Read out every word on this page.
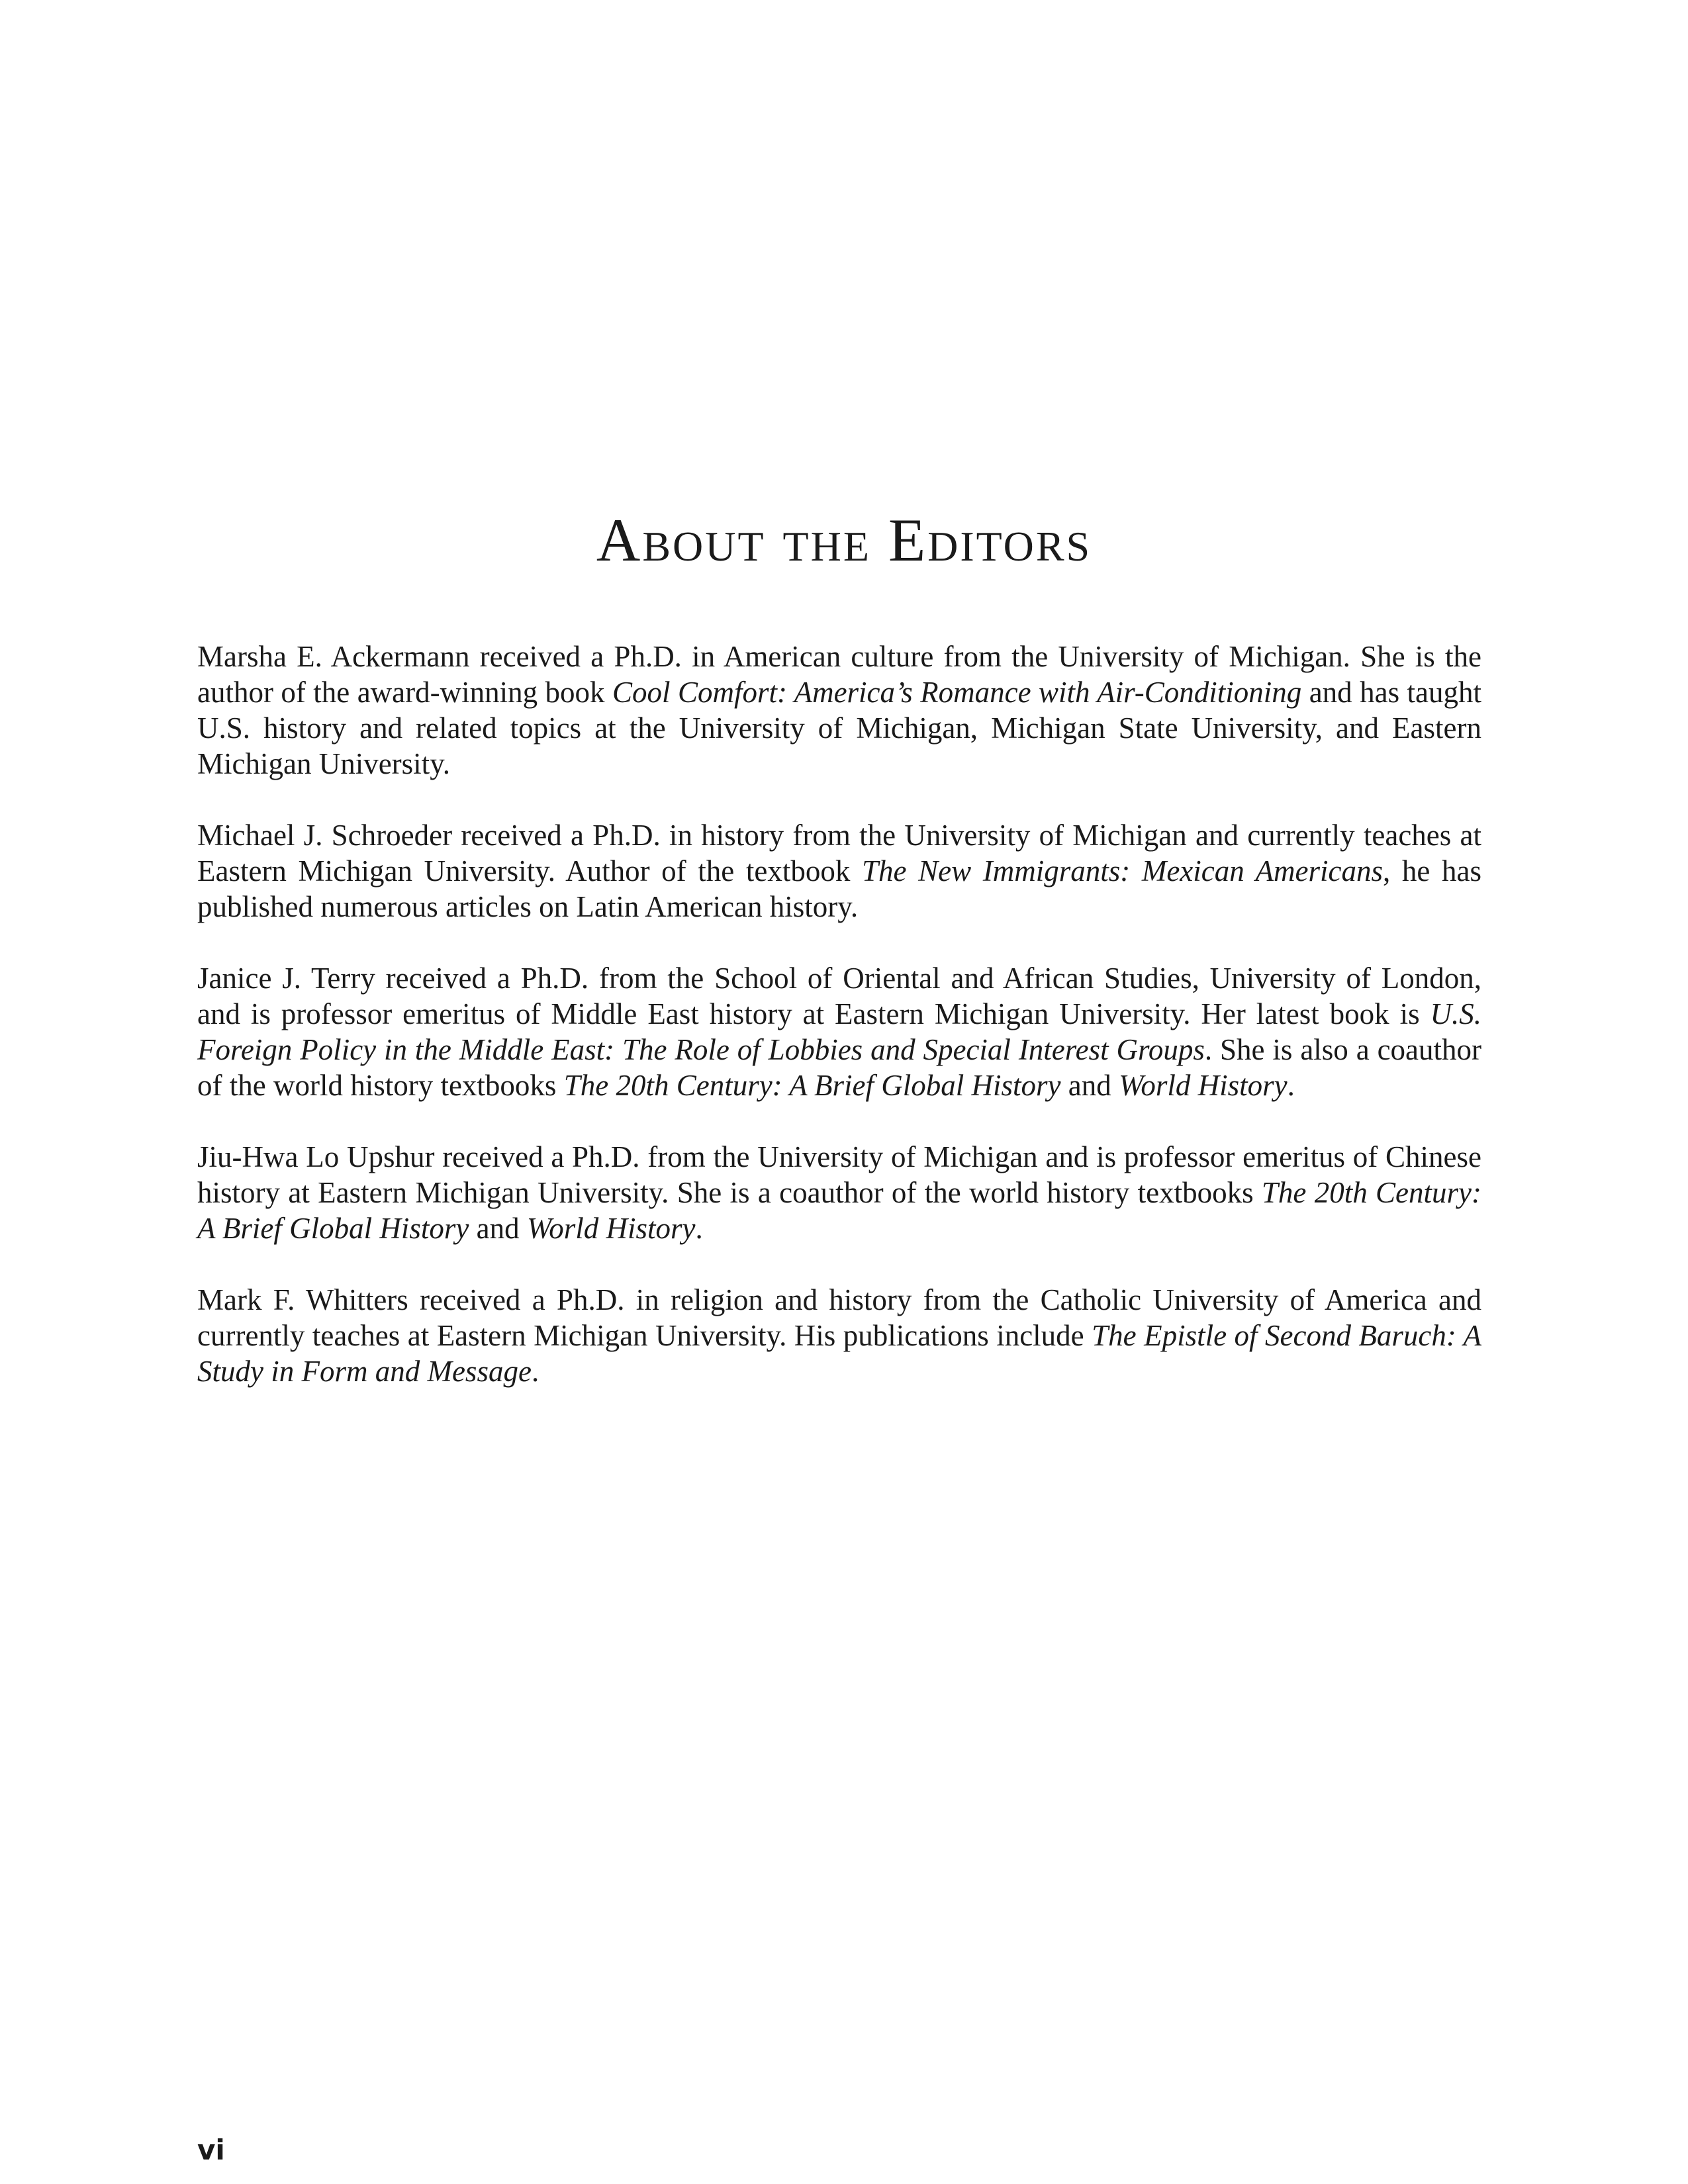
About the Editors

Marsha E. Ackermann received a Ph.D. in American culture from the University of Michigan. She is the author of the award-winning book Cool Comfort: America’s Romance with Air-Conditioning and has taught U.S. history and related topics at the University of Michigan, Michigan State University, and Eastern Michigan University.

Michael J. Schroeder received a Ph.D. in history from the University of Michigan and currently teaches at Eastern Michigan University. Author of the textbook The New Immigrants: Mexican Americans, he has published numerous articles on Latin American history.

Janice J. Terry received a Ph.D. from the School of Oriental and African Studies, University of London, and is professor emeritus of Middle East history at Eastern Michigan University. Her latest book is U.S. Foreign Policy in the Middle East: The Role of Lobbies and Special Interest Groups. She is also a coauthor of the world history textbooks The 20th Century: A Brief Global History and World History.

Jiu-Hwa Lo Upshur received a Ph.D. from the University of Michigan and is professor emeritus of Chinese history at Eastern Michigan University. She is a coauthor of the world history textbooks The 20th Century: A Brief Global History and World History.

Mark F. Whitters received a Ph.D. in religion and history from the Catholic University of America and currently teaches at Eastern Michigan University. His publications include The Epistle of Second Baruch: A Study in Form and Message.

vi
